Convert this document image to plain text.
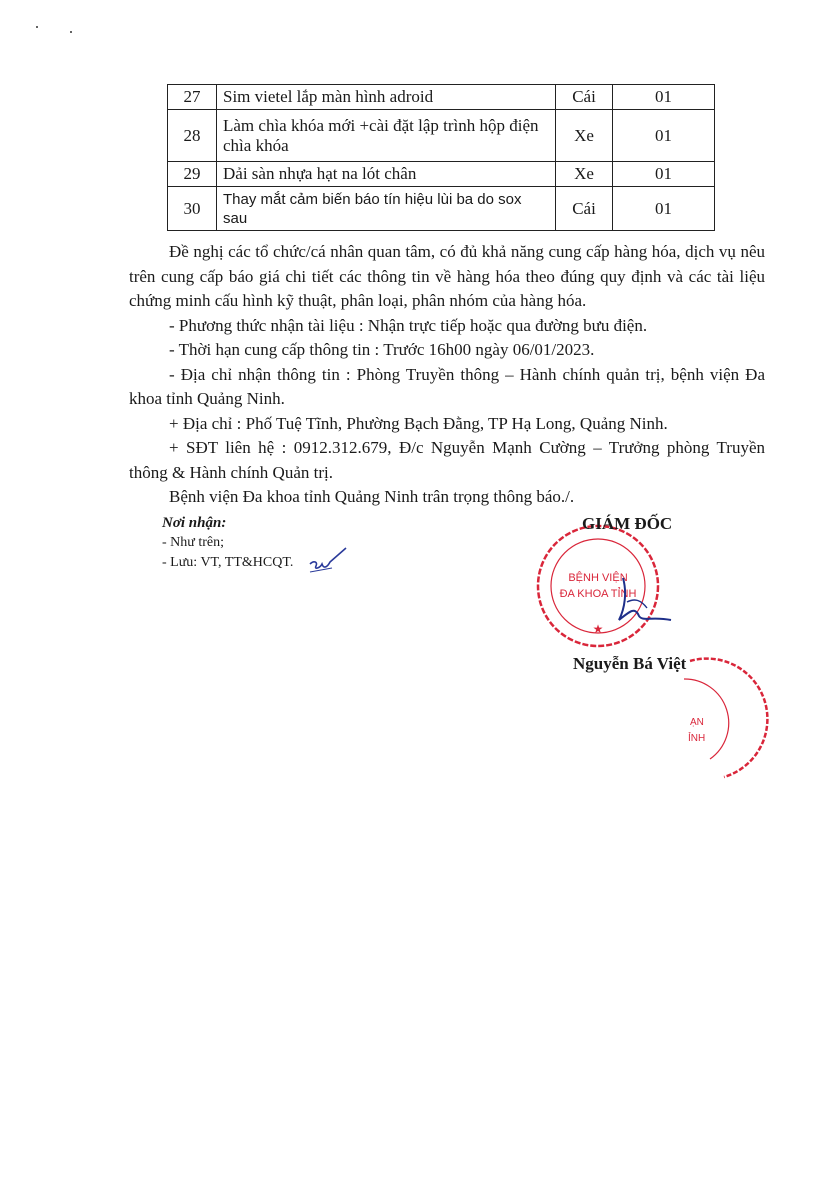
27	Sim vietel lắp màn hình adroid	Cái	01
28	Làm chìa khóa mới +cài đặt lập trình hộp điện chìa khóa	Xe	01
29	Dải sàn nhựa hạt na lót chân	Xe	01
30	Thay mắt cảm biến báo tín hiệu lùi ba do sox sau	Cái	01

Đề nghị các tổ chức/cá nhân quan tâm, có đủ khả năng cung cấp hàng hóa, dịch vụ nêu trên cung cấp báo giá chi tiết các thông tin về hàng hóa theo đúng quy định và các tài liệu chứng minh cấu hình kỹ thuật, phân loại, phân nhóm của hàng hóa.

- Phương thức nhận tài liệu : Nhận trực tiếp hoặc qua đường bưu điện.

- Thời hạn cung cấp thông tin : Trước 16h00 ngày 06/01/2023.

- Địa chỉ nhận thông tin : Phòng Truyền thông – Hành chính quản trị, bệnh viện Đa khoa tỉnh Quảng Ninh.

+ Địa chỉ : Phố Tuệ Tĩnh, Phường Bạch Đằng, TP Hạ Long, Quảng Ninh.

+ SĐT liên hệ : 0912.312.679, Đ/c Nguyễn Mạnh Cường – Trưởng phòng Truyền thông & Hành chính Quản trị.

Bệnh viện Đa khoa tỉnh Quảng Ninh trân trọng thông báo./.

Nơi nhận:
- Như trên;
- Lưu: VT, TT&HCQT.
BỆNH VIỆN
ĐA KHOA TỈNH
★
ẠN
ỈNH
GIÁM ĐỐC
Nguyễn Bá Việt
